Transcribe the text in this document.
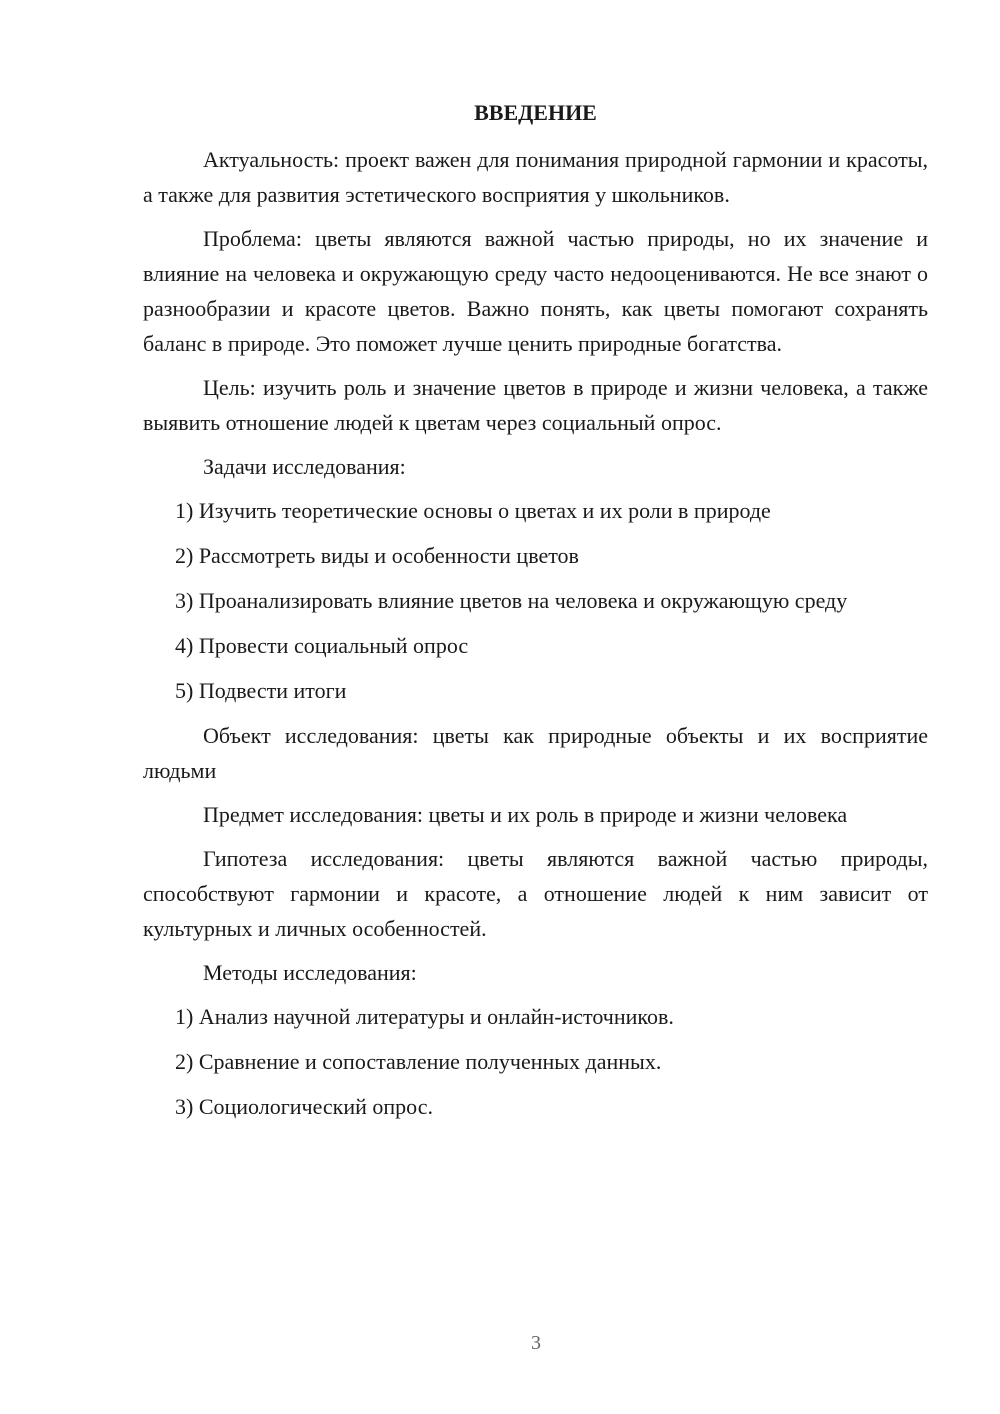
ВВЕДЕНИЕ

Актуальность: проект важен для понимания природной гармонии и красоты, а также для развития эстетического восприятия у школьников.

Проблема: цветы являются важной частью природы, но их значение и влияние на человека и окружающую среду часто недооцениваются. Не все знают о разнообразии и красоте цветов. Важно понять, как цветы помогают сохранять баланс в природе. Это поможет лучше ценить природные богатства.

Цель: изучить роль и значение цветов в природе и жизни человека, а также выявить отношение людей к цветам через социальный опрос.

Задачи исследования:

1) Изучить теоретические основы о цветах и их роли в природе

2) Рассмотреть виды и особенности цветов

3) Проанализировать влияние цветов на человека и окружающую среду

4) Провести социальный опрос

5) Подвести итоги

Объект исследования: цветы как природные объекты и их восприятие людьми

Предмет исследования: цветы и их роль в природе и жизни человека

Гипотеза исследования: цветы являются важной частью природы, способствуют гармонии и красоте, а отношение людей к ним зависит от культурных и личных особенностей.

Методы исследования:

1) Анализ научной литературы и онлайн-источников.

2) Сравнение и сопоставление полученных данных.

3) Социологический опрос.

3
